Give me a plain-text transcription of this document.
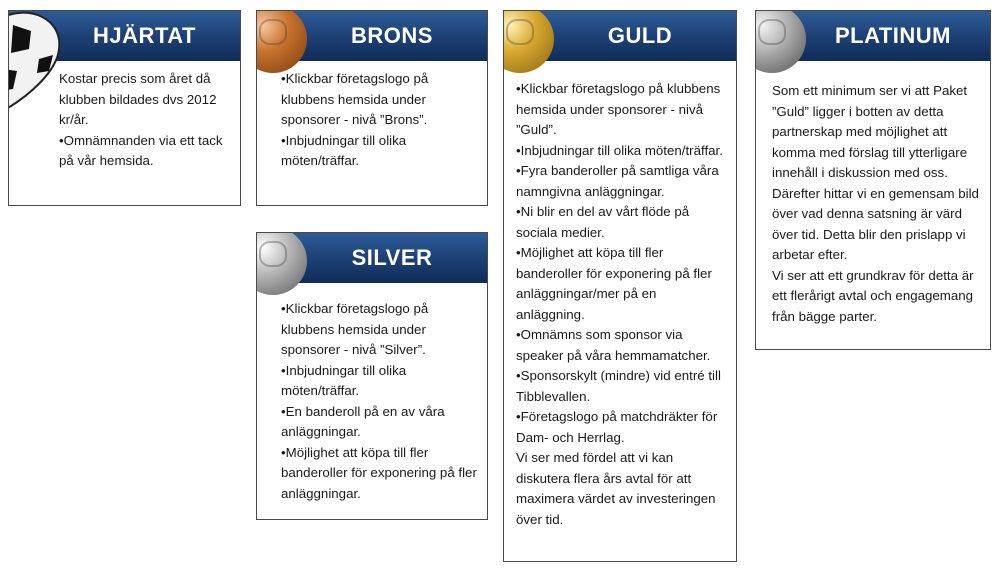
HJÄRTAT

Kostar precis som året då klubben bildades dvs 2012 kr/år.

• Omnämnanden via ett tack på vår hemsida.

BRONS

• Klickbar företagslogo på klubbens hemsida under sponsorer - nivå ”Brons”.

• Inbjudningar till olika möten/träffar.

SILVER

• Klickbar företagslogo på klubbens hemsida under sponsorer - nivå ”Silver”.

• Inbjudningar till olika möten/träffar.

• En banderoll på en av våra anläggningar.

• Möjlighet att köpa till fler banderoller för exponering på fler anläggningar.

GULD

• Klickbar företagslogo på klubbens hemsida under sponsorer - nivå ”Guld”.

• Inbjudningar till olika möten/träffar.

• Fyra banderoller på samtliga våra namngivna anläggningar.

• Ni blir en del av vårt flöde på sociala medier.

• Möjlighet att köpa till fler banderoller för exponering på fler anläggningar/mer på en anläggning.

• Omnämns som sponsor via speaker på våra hemmamatcher.

• Sponsorskylt (mindre) vid entré till Tibblevallen.

• Företagslogo på matchdräkter för Dam- och Herrlag.

Vi ser med fördel att vi kan diskutera flera års avtal för att maximera värdet av investeringen över tid.

PLATINUM

Som ett minimum ser vi att Paket ”Guld” ligger i botten av detta partnerskap med möjlighet att komma med förslag till ytterligare innehåll i diskussion med oss. Därefter hittar vi en gemensam bild över vad denna satsning är värd över tid. Detta blir den prislapp vi arbetar efter.

Vi ser att ett grundkrav för detta är ett flerårigt avtal och engagemang från bägge parter.
